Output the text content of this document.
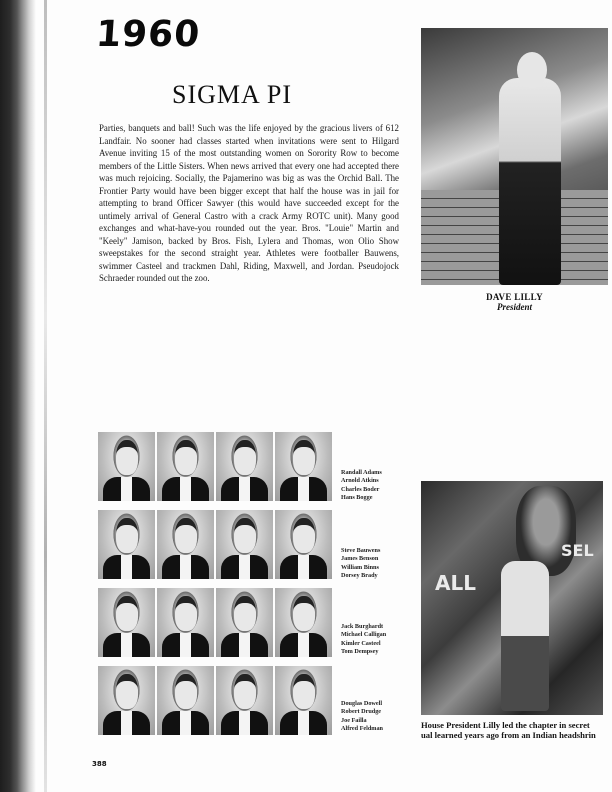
1960
SIGMA PI
Parties, banquets and ball! Such was the life enjoyed by the gracious livers of 612 Landfair. No sooner had classes started when invitations were sent to Hilgard Avenue inviting 15 of the most outstanding women on Sorority Row to become members of the Little Sisters. When news arrived that every one had accepted there was much rejoicing. Socially, the Pajamerino was big as was the Orchid Ball. The Frontier Party would have been bigger except that half the house was in jail for attempting to brand Officer Sawyer (this would have succeeded except for the untimely arrival of General Castro with a crack Army ROTC unit). Many good exchanges and what-have-you rounded out the year. Bros. "Louie" Martin and "Keely" Jamison, backed by Bros. Fish, Lylera and Thomas, won Olio Show sweepstakes for the second straight year. Athletes were footballer Bauwens, swimmer Casteel and trackmen Dahl, Riding, Maxwell, and Jordan. Pseudojock Schraeder rounded out the zoo.
DAVE LILLY
President
Randall Adams
Arnold Atkins
Charles Boder
Hans Bogge
Steve Bauwens
James Benson
William Binns
Dorsey Brady
Jack Burghardt
Michael Calligan
Kimler Casteel
Tom Dempsey
Douglas Dowell
Robert Drudge
Joe Failla
Alfred Feldman
ALL
SEL
House President Lilly led the chapter in secret
ual learned years ago from an Indian headshrin
388
